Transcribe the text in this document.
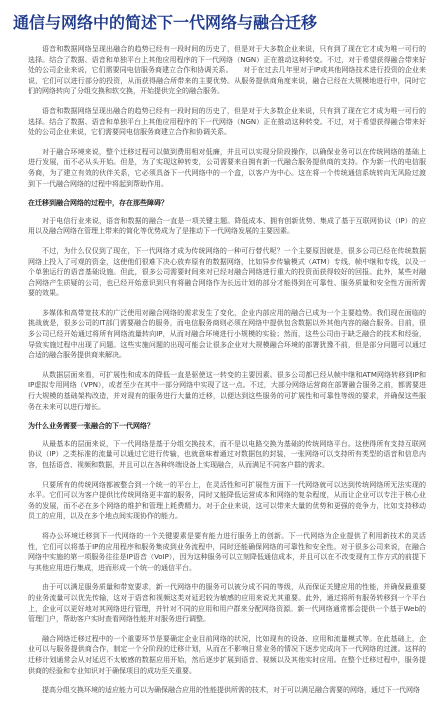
通信与网络中的简述下一代网络与融合迁移

语音和数据网络呈现出融合的趋势已经有一段时间的历史了，但是对于大多数企业来说，只有到了现在它才成为唯一可行的选择。结合了数据、语音和单独平台上其他应用程序的下一代网络（NGN）正在推动这种转变。不过，对于希望获得融合带来好处的公司企业来说，它们需要同电信服务商建立合作和协调关系。　　对于在过去几年里对于IP或其他网络技术进行投资的企业来说，它们可以进行部分的投资，从而获得融合所带来的主要优势。从服务提供商角度来说，融合已经在大规模地进行中，同时它们的网络转向了分组交换和软交换，开始提供完全的融合服务。

语音和数据网络呈现出融合的趋势已经有一段时间的历史了，但是对于大多数企业来说，只有到了现在它才成为唯一可行的选择。结合了数据、语音和单独平台上其他应用程序的下一代网络（NGN）正在推动这种转变。不过，对于希望获得融合带来好处的公司企业来说，它们需要同电信服务商建立合作和协调关系。

对于融合环境来说，整个迁移过程可以做到费用相对低廉，并且可以实现分阶段操作，以确保业务可以在传统网络的基础上进行发展，而不必从头开始。但是，为了实现这种转变，公司需要来自拥有新一代融合服务提供商的支持。作为新一代的电信服务商，为了建立有效的伙伴关系，它必须具备下一代网络中的一个盒，以客户为中心。这在将一个传统通信系统转向无风险过渡到下一代融合网络的过程中将起到帮助作用。

在迁移到融合网络的过程中，存在那些障碍？

对于电信行业来说，语音和数据的融合一直是一项关键主题。降低成本、拥有创新优势、集成了基于互联网协议（IP）的应用以及融合网络在管理上带来的简化等优势成为了是推动下一代网络发展的主要因素。

不过，为什么仅仅到了现在，下一代网络才成为传统网络的一种可行替代呢？一个主要原因就是，很多公司已经在传统数据网络上投入了可观的资金，这使他们很难下决心放弃原有的数据网络，比如异步传输模式（ATM）专线、帧中继和专线，以及一个单独运行的语音基础设施。但此，很多公司需要时间来对已经对融合网络进行重大的投资而获得较好的回报。此外，某些对融合网络产生质疑的公司，也已经开始意识到只有将融合网络作为长远计划的部分才能得到在可靠性、服务质量和安全性方面所需要的效果。

多媒体和高带宽技术的广泛使用对融合网络的需求发生了变化，企业内部应用的融合已成为一个主要趋势。我们现在面临的挑战就是，很多公司的IT部门需要融合的服务，而电信服务商则必须在网络中提供包含数据以外其他内容的融合服务。目前，很多公司已经开始通过将所有网络流量转向IP，从而对融合环境进行小规模的实验；然而，这些公司由于缺乏融合的技术和经验，导致实施过程中出现了问题。这些实施问题的出现可能会让很多企业对大规模融合环境的部署犹豫不前，但是部分问题可以通过合适的融合服务提供商来解决。

从数据层面来看，可扩展性和成本的降低一直是驱使这一转变的主要因素。很多公司都已经从帧中继和ATM网络转移到IP和IP虚拟专用网络（VPN），或者至少在其中一部分网络中实现了这一点。不过，大部分网络运营商在部署融合服务之前，都需要进行大规模的基础架构改造，并对现有的服务进行大量的迁移，以便达到这些服务的可扩展性和可靠性等级的要求，并确保这些服务在未来可以进行增长。

为什么业务需要一张融合的下一代网络？

从最基本的层面来说，下一代网络是基于分组交换技术，而不是以电路交换为基础的传统网络平台。这使得所有支持互联网协议（IP）之类标准的流量可以通过它进行传输，也就意味着通过对数据包的封装，一张网络可以支持所有类型的语音和信息内容，包括语音、视频和数据，并且可以在各种终端设备上实现融合，从而满足不同客户群的需求。

只要所有的传统网络都被整合到一个统一的平台上，在灵活性和可扩展性方面下一代网络就可以达到传统网络所无法实现的水平。它们可以为客户提供比传统网络更丰富的服务，同时又能降低运营成本和网络的复杂程度，从而让企业可以专注于核心业务的发展，而不必在多个网络的维护和管理上耗费精力。对于企业来说，这可以带来大量的优势和更强的竞争力，比如支持移动员工的应用，以及在多个地点间实现协作的能力。

将办公环境迁移到下一代网络的一个关键要素是要有能力进行服务上的创新。下一代网络为企业提供了利用新技术的灵活性，它们可以将基于IP的应用程序和服务集成到业务流程中，同时还能确保网络的可靠性和安全性。对于很多公司来说，在融合网络中实施的第一项服务往往是IP语音（VoIP），因为这种服务可以立刻降低通信成本，并且可以在不改变现有工作方式的前提下与其他应用进行集成，进而形成一个统一的通信平台。

由于可以满足服务质量和带宽要求，新一代网络中的服务可以被分成不同的等级，从而保证关键应用的性能，并确保最重要的业务流量可以优先传输，这对于语音和视频这类对延迟较为敏感的应用来说尤其重要。此外，通过将所有服务转移到一个平台上，企业可以更好地对其网络进行管理，并针对不同的应用和用户群来分配网络资源。新一代网络通常都会提供一个基于Web的管理门户，帮助客户实时查看网络性能并对服务进行调整。

融合网络迁移过程中的一个重要环节是要确定企业目前网络的状况，比如现有的设备、应用和流量模式等。在此基础上，企业可以与服务提供商合作，制定一个分阶段的迁移计划，从而在不影响日常业务的情况下逐步完成向下一代网络的过渡。这样的迁移计划通常会从对延迟不太敏感的数据应用开始，然后逐步扩展到语音、视频以及其他实时应用。在整个迁移过程中，服务提供商的经验和专业知识对于确保项目的成功至关重要。

提高分组交换环境的适应能力可以为确保融合应用的性能提供所需的技术，对于可以满足融合需要的网络，通过下一代网络
